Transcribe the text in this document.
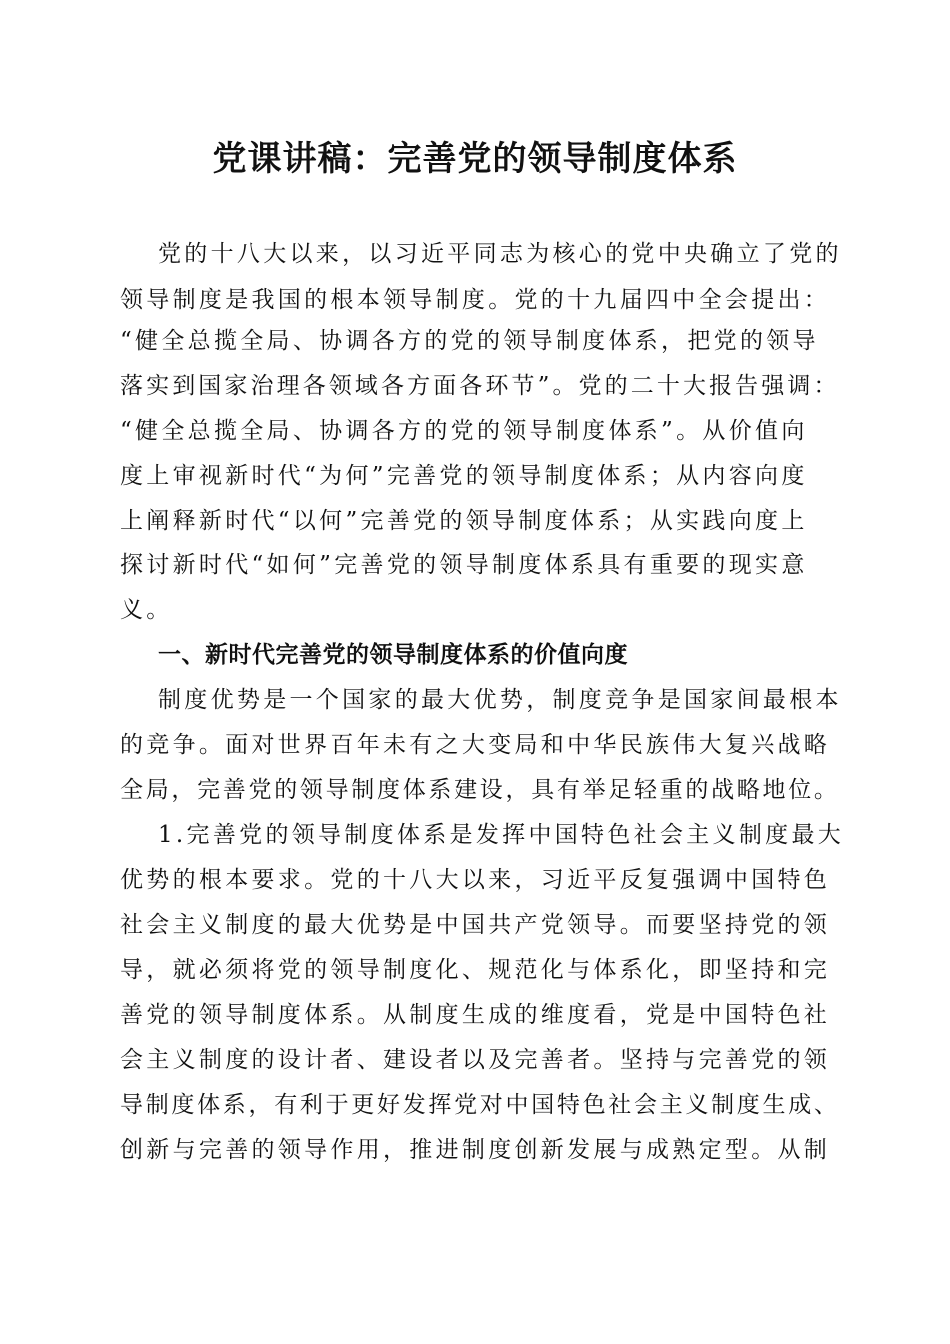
党课讲稿：完善党的领导制度体系
党的十八大以来，以习近平同志为核心的党中央确立了党的
领导制度是我国的根本领导制度。党的十九届四中全会提出：
“健全总揽全局、协调各方的党的领导制度体系，把党的领导
落实到国家治理各领域各方面各环节”。党的二十大报告强调：
“健全总揽全局、协调各方的党的领导制度体系”。从价值向
度上审视新时代“为何”完善党的领导制度体系；从内容向度
上阐释新时代“以何”完善党的领导制度体系；从实践向度上
探讨新时代“如何”完善党的领导制度体系具有重要的现实意
义。
一、新时代完善党的领导制度体系的价值向度
制度优势是一个国家的最大优势，制度竞争是国家间最根本
的竞争。面对世界百年未有之大变局和中华民族伟大复兴战略
全局，完善党的领导制度体系建设，具有举足轻重的战略地位。
1.完善党的领导制度体系是发挥中国特色社会主义制度最大
优势的根本要求。党的十八大以来，习近平反复强调中国特色
社会主义制度的最大优势是中国共产党领导。而要坚持党的领
导，就必须将党的领导制度化、规范化与体系化，即坚持和完
善党的领导制度体系。从制度生成的维度看，党是中国特色社
会主义制度的设计者、建设者以及完善者。坚持与完善党的领
导制度体系，有利于更好发挥党对中国特色社会主义制度生成、
创新与完善的领导作用，推进制度创新发展与成熟定型。从制
